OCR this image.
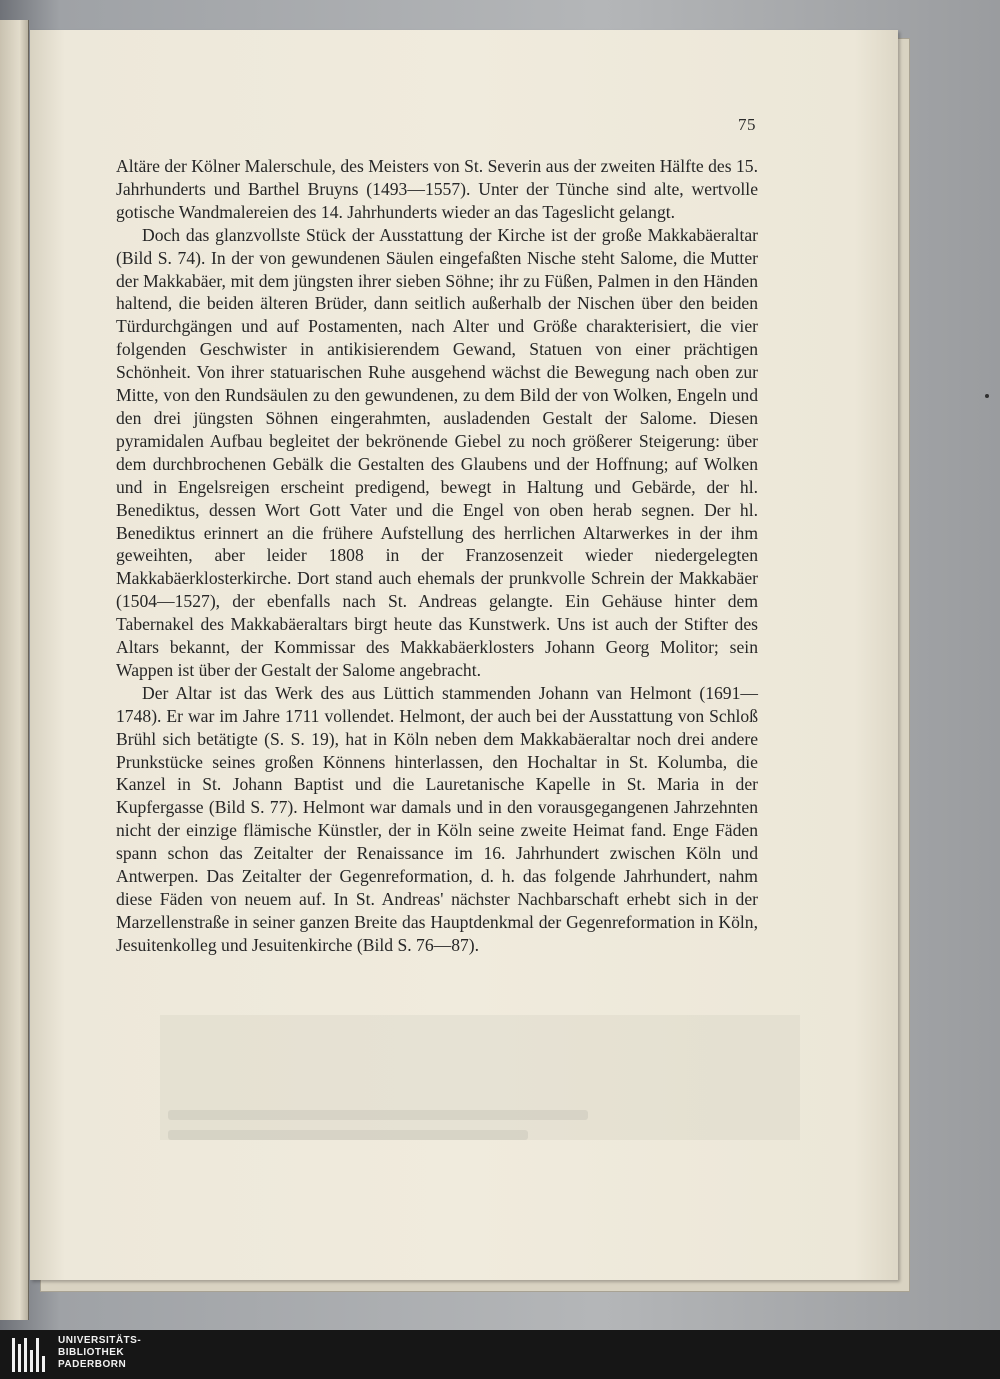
75

Altäre der Kölner Malerschule, des Meisters von St. Severin aus der zweiten Hälfte des 15. Jahrhunderts und Barthel Bruyns (1493—1557). Unter der Tünche sind alte, wertvolle gotische Wandmalereien des 14. Jahrhunderts wieder an das Tageslicht gelangt.

Doch das glanzvollste Stück der Ausstattung der Kirche ist der große Makkabäeraltar (Bild S. 74). In der von gewundenen Säulen eingefaßten Nische steht Salome, die Mutter der Makkabäer, mit dem jüngsten ihrer sieben Söhne; ihr zu Füßen, Palmen in den Händen haltend, die beiden älteren Brüder, dann seitlich außerhalb der Nischen über den beiden Türdurchgängen und auf Postamenten, nach Alter und Größe charakterisiert, die vier folgenden Geschwister in antikisierendem Gewand, Statuen von einer prächtigen Schönheit. Von ihrer statuarischen Ruhe ausgehend wächst die Bewegung nach oben zur Mitte, von den Rundsäulen zu den gewundenen, zu dem Bild der von Wolken, Engeln und den drei jüngsten Söhnen eingerahmten, ausladenden Gestalt der Salome. Diesen pyramidalen Aufbau begleitet der bekrönende Giebel zu noch größerer Steigerung: über dem durchbrochenen Gebälk die Gestalten des Glaubens und der Hoffnung; auf Wolken und in Engelsreigen erscheint predigend, bewegt in Haltung und Gebärde, der hl. Benediktus, dessen Wort Gott Vater und die Engel von oben herab segnen. Der hl. Benediktus erinnert an die frühere Aufstellung des herrlichen Altarwerkes in der ihm geweihten, aber leider 1808 in der Franzosenzeit wieder niedergelegten Makkabäerklosterkirche. Dort stand auch ehemals der prunkvolle Schrein der Makkabäer (1504—1527), der ebenfalls nach St. Andreas gelangte. Ein Gehäuse hinter dem Tabernakel des Makkabäeraltars birgt heute das Kunstwerk. Uns ist auch der Stifter des Altars bekannt, der Kommissar des Makkabäerklosters Johann Georg Molitor; sein Wappen ist über der Gestalt der Salome angebracht.

Der Altar ist das Werk des aus Lüttich stammenden Johann van Helmont (1691—1748). Er war im Jahre 1711 vollendet. Helmont, der auch bei der Ausstattung von Schloß Brühl sich betätigte (S. S. 19), hat in Köln neben dem Makkabäeraltar noch drei andere Prunkstücke seines großen Könnens hinterlassen, den Hochaltar in St. Kolumba, die Kanzel in St. Johann Baptist und die Lauretanische Kapelle in St. Maria in der Kupfergasse (Bild S. 77). Helmont war damals und in den vorausgegangenen Jahrzehnten nicht der einzige flämische Künstler, der in Köln seine zweite Heimat fand. Enge Fäden spann schon das Zeitalter der Renaissance im 16. Jahrhundert zwischen Köln und Antwerpen. Das Zeitalter der Gegenreformation, d. h. das folgende Jahrhundert, nahm diese Fäden von neuem auf. In St. Andreas' nächster Nachbarschaft erhebt sich in der Marzellenstraße in seiner ganzen Breite das Hauptdenkmal der Gegenreformation in Köln, Jesuitenkolleg und Jesuitenkirche (Bild S. 76—87).

UNIVERSITÄTS-
BIBLIOTHEK
PADERBORN
